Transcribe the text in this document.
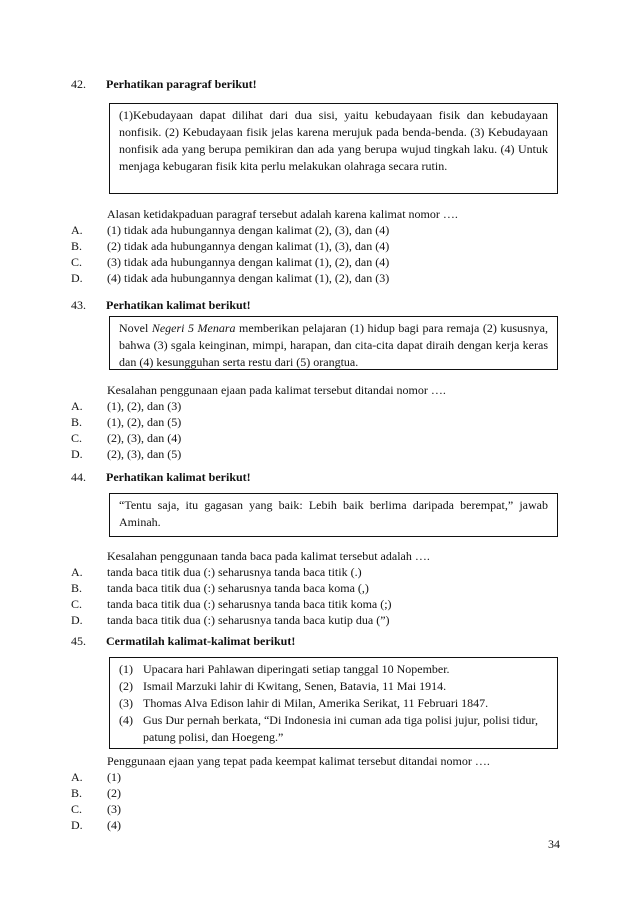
42. Perhatikan paragraf berikut!
(1)Kebudayaan dapat dilihat dari dua sisi, yaitu kebudayaan fisik dan kebudayaan nonfisik. (2) Kebudayaan fisik jelas karena merujuk pada benda-benda. (3) Kebudayaan nonfisik ada yang berupa pemikiran dan ada yang berupa wujud tingkah laku. (4) Untuk menjaga kebugaran fisik kita perlu melakukan olahraga secara rutin.
Alasan ketidakpaduan paragraf tersebut adalah karena kalimat nomor ….
A. (1) tidak ada hubungannya dengan kalimat (2), (3), dan (4)
B. (2) tidak ada hubungannya dengan kalimat (1), (3), dan (4)
C. (3) tidak ada hubungannya dengan kalimat (1), (2), dan (4)
D. (4) tidak ada hubungannya dengan kalimat (1), (2), dan (3)
43. Perhatikan kalimat berikut!
Novel Negeri 5 Menara memberikan pelajaran (1) hidup bagi para remaja (2) kususnya, bahwa (3) sgala keinginan, mimpi, harapan, dan cita-cita dapat diraih dengan kerja keras dan (4) kesungguhan serta restu dari (5) orangtua.
Kesalahan penggunaan ejaan pada kalimat tersebut ditandai nomor ….
A. (1), (2), dan (3)
B. (1), (2), dan (5)
C. (2), (3), dan (4)
D. (2), (3), dan (5)
44. Perhatikan kalimat berikut!
“Tentu saja, itu gagasan yang baik: Lebih baik berlima daripada berempat,” jawab Aminah.
Kesalahan penggunaan tanda baca pada kalimat tersebut adalah ….
A. tanda baca titik dua (:) seharusnya tanda baca titik (.)
B. tanda baca titik dua (:) seharusnya tanda baca koma (,)
C. tanda baca titik dua (:) seharusnya tanda baca titik koma (;)
D. tanda baca titik dua (:) seharusnya tanda baca kutip dua (”)
45. Cermatilah kalimat-kalimat berikut!
(1) Upacara hari Pahlawan diperingati setiap tanggal 10 Nopember.
(2) Ismail Marzuki lahir di Kwitang, Senen, Batavia, 11 Mai 1914.
(3) Thomas Alva Edison lahir di Milan, Amerika Serikat, 11 Februari 1847.
(4) Gus Dur pernah berkata, “Di Indonesia ini cuman ada tiga polisi jujur, polisi tidur, patung polisi, dan Hoegeng.”
Penggunaan ejaan yang tepat pada keempat kalimat tersebut ditandai nomor ….
A. (1)
B. (2)
C. (3)
D. (4)
34
